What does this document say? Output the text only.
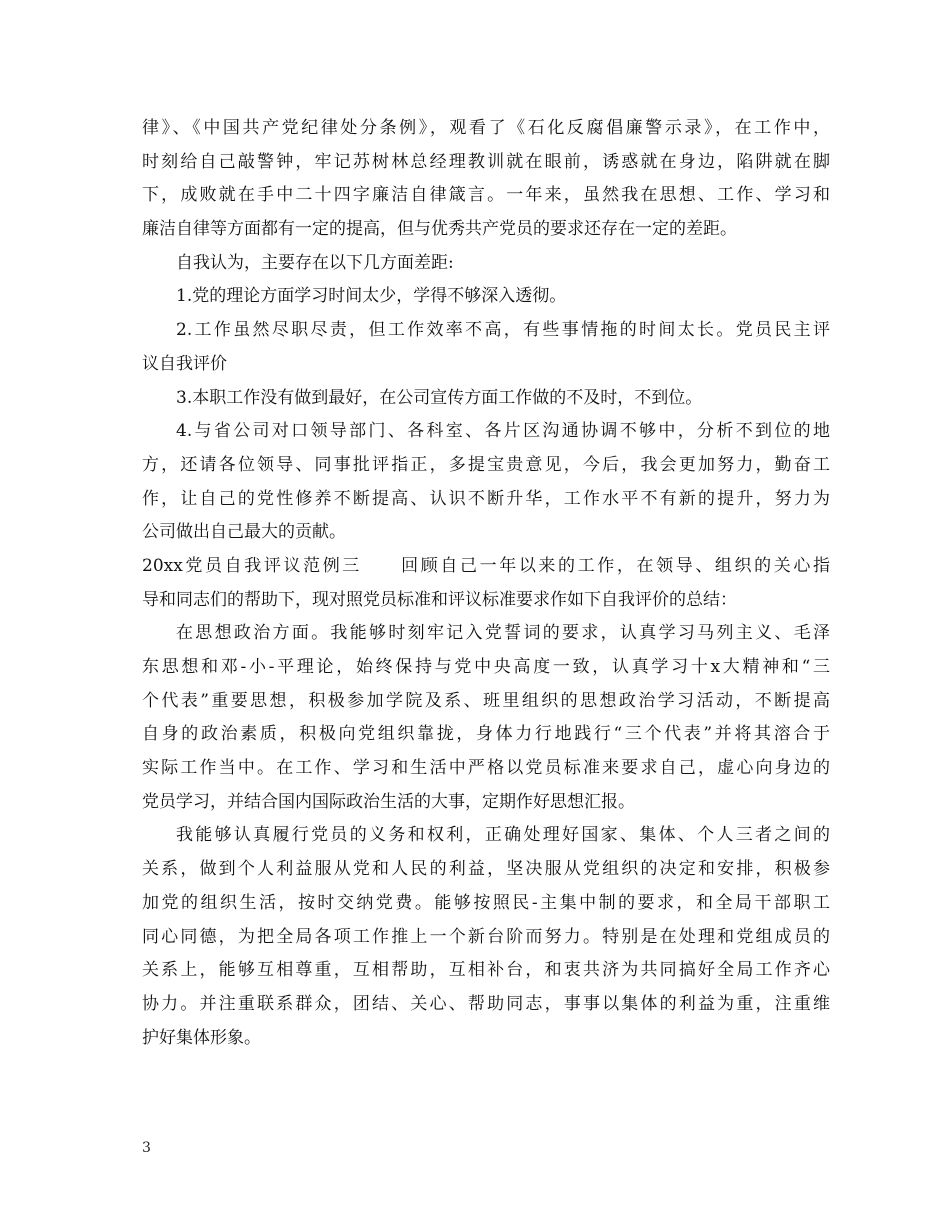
律》、《中国共产党纪律处分条例》，观看了《石化反腐倡廉警示录》，在工作中，
时刻给自己敲警钟，牢记苏树林总经理教训就在眼前，诱惑就在身边，陷阱就在脚
下，成败就在手中二十四字廉洁自律箴言。一年来，虽然我在思想、工作、学习和
廉洁自律等方面都有一定的提高，但与优秀共产党员的要求还存在一定的差距。
自我认为，主要存在以下几方面差距:
1.党的理论方面学习时间太少，学得不够深入透彻。
2.工作虽然尽职尽责，但工作效率不高，有些事情拖的时间太长。党员民主评
议自我评价
3.本职工作没有做到最好，在公司宣传方面工作做的不及时，不到位。
4.与省公司对口领导部门、各科室、各片区沟通协调不够中，分析不到位的地
方，还请各位领导、同事批评指正，多提宝贵意见，今后，我会更加努力，勤奋工
作，让自己的党性修养不断提高、认识不断升华，工作水平不有新的提升，努力为
公司做出自己最大的贡献。
20xx党员自我评议范例三　　回顾自己一年以来的工作，在领导、组织的关心指
导和同志们的帮助下，现对照党员标准和评议标准要求作如下自我评价的总结：
在思想政治方面。我能够时刻牢记入党誓词的要求，认真学习马列主义、毛泽
东思想和邓-小-平理论，始终保持与党中央高度一致，认真学习十x大精神和“三
个代表”重要思想，积极参加学院及系、班里组织的思想政治学习活动，不断提高
自身的政治素质，积极向党组织靠拢，身体力行地践行“三个代表”并将其溶合于
实际工作当中。在工作、学习和生活中严格以党员标准来要求自己，虚心向身边的
党员学习，并结合国内国际政治生活的大事，定期作好思想汇报。
我能够认真履行党员的义务和权利，正确处理好国家、集体、个人三者之间的
关系，做到个人利益服从党和人民的利益，坚决服从党组织的决定和安排，积极参
加党的组织生活，按时交纳党费。能够按照民-主集中制的要求，和全局干部职工
同心同德，为把全局各项工作推上一个新台阶而努力。特别是在处理和党组成员的
关系上，能够互相尊重，互相帮助，互相补台，和衷共济为共同搞好全局工作齐心
协力。并注重联系群众，团结、关心、帮助同志，事事以集体的利益为重，注重维
护好集体形象。
3
